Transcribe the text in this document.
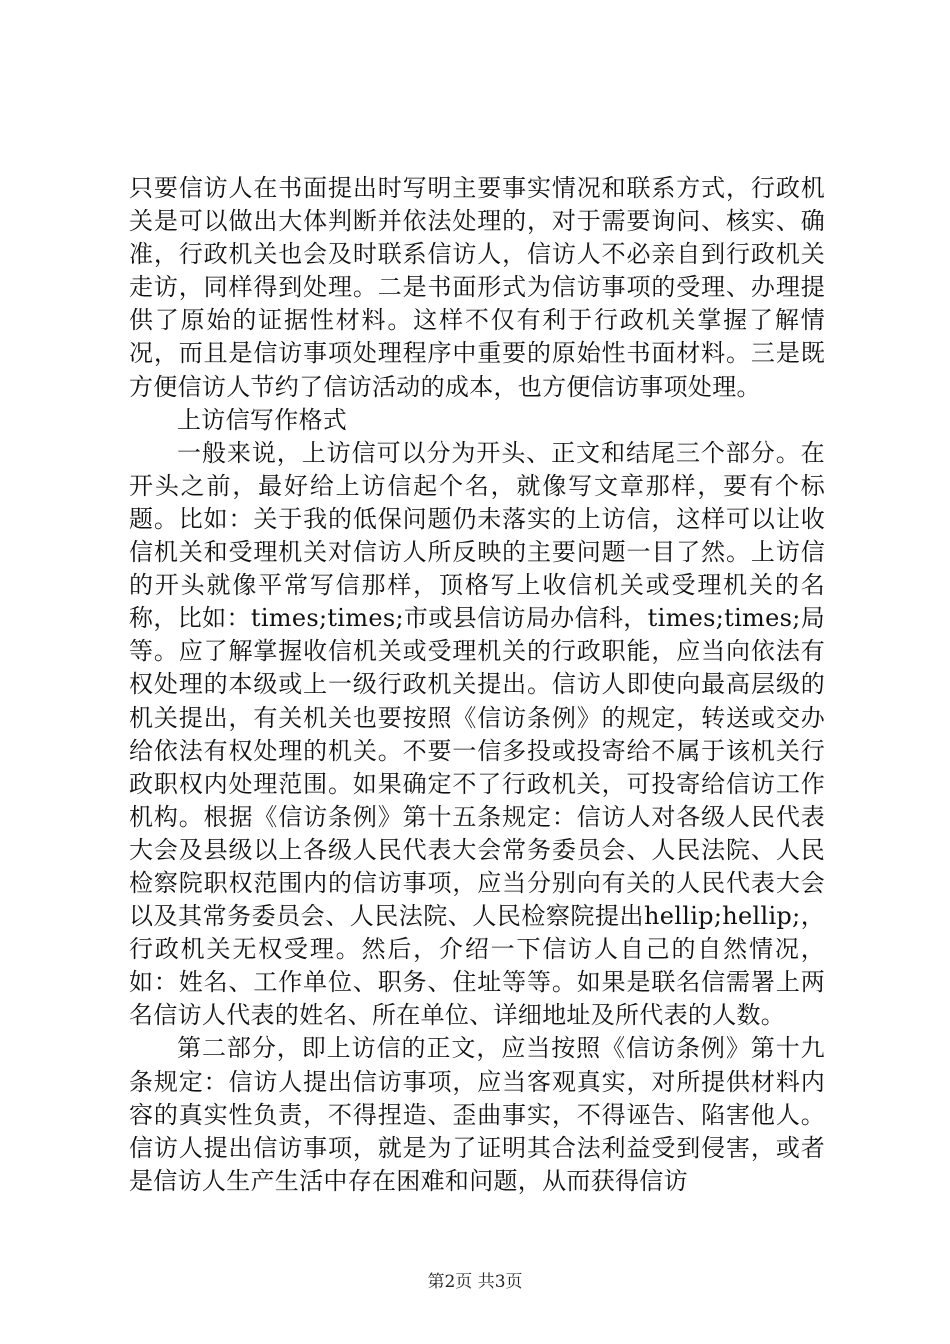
只要信访人在书面提出时写明主要事实情况和联系方式，行政机关是可以做出大体判断并依法处理的，对于需要询问、核实、确准，行政机关也会及时联系信访人，信访人不必亲自到行政机关走访，同样得到处理。二是书面形式为信访事项的受理、办理提供了原始的证据性材料。这样不仅有利于行政机关掌握了解情况，而且是信访事项处理程序中重要的原始性书面材料。三是既方便信访人节约了信访活动的成本，也方便信访事项处理。

上访信写作格式

一般来说，上访信可以分为开头、正文和结尾三个部分。在开头之前，最好给上访信起个名，就像写文章那样，要有个标题。比如：关于我的低保问题仍未落实的上访信，这样可以让收信机关和受理机关对信访人所反映的主要问题一目了然。上访信的开头就像平常写信那样，顶格写上收信机关或受理机关的名称，比如：times;times;市或县信访局办信科，times;times;局等。应了解掌握收信机关或受理机关的行政职能，应当向依法有权处理的本级或上一级行政机关提出。信访人即使向最高层级的机关提出，有关机关也要按照《信访条例》的规定，转送或交办给依法有权处理的机关。不要一信多投或投寄给不属于该机关行政职权内处理范围。如果确定不了行政机关，可投寄给信访工作机构。根据《信访条例》第十五条规定：信访人对各级人民代表大会及县级以上各级人民代表大会常务委员会、人民法院、人民检察院职权范围内的信访事项，应当分别向有关的人民代表大会以及其常务委员会、人民法院、人民检察院提出hellip;hellip;，行政机关无权受理。然后，介绍一下信访人自己的自然情况，如：姓名、工作单位、职务、住址等等。如果是联名信需署上两名信访人代表的姓名、所在单位、详细地址及所代表的人数。

第二部分，即上访信的正文，应当按照《信访条例》第十九条规定：信访人提出信访事项，应当客观真实，对所提供材料内容的真实性负责，不得捏造、歪曲事实，不得诬告、陷害他人。信访人提出信访事项，就是为了证明其合法利益受到侵害，或者是信访人生产生活中存在困难和问题，从而获得信访

第2页 共3页
